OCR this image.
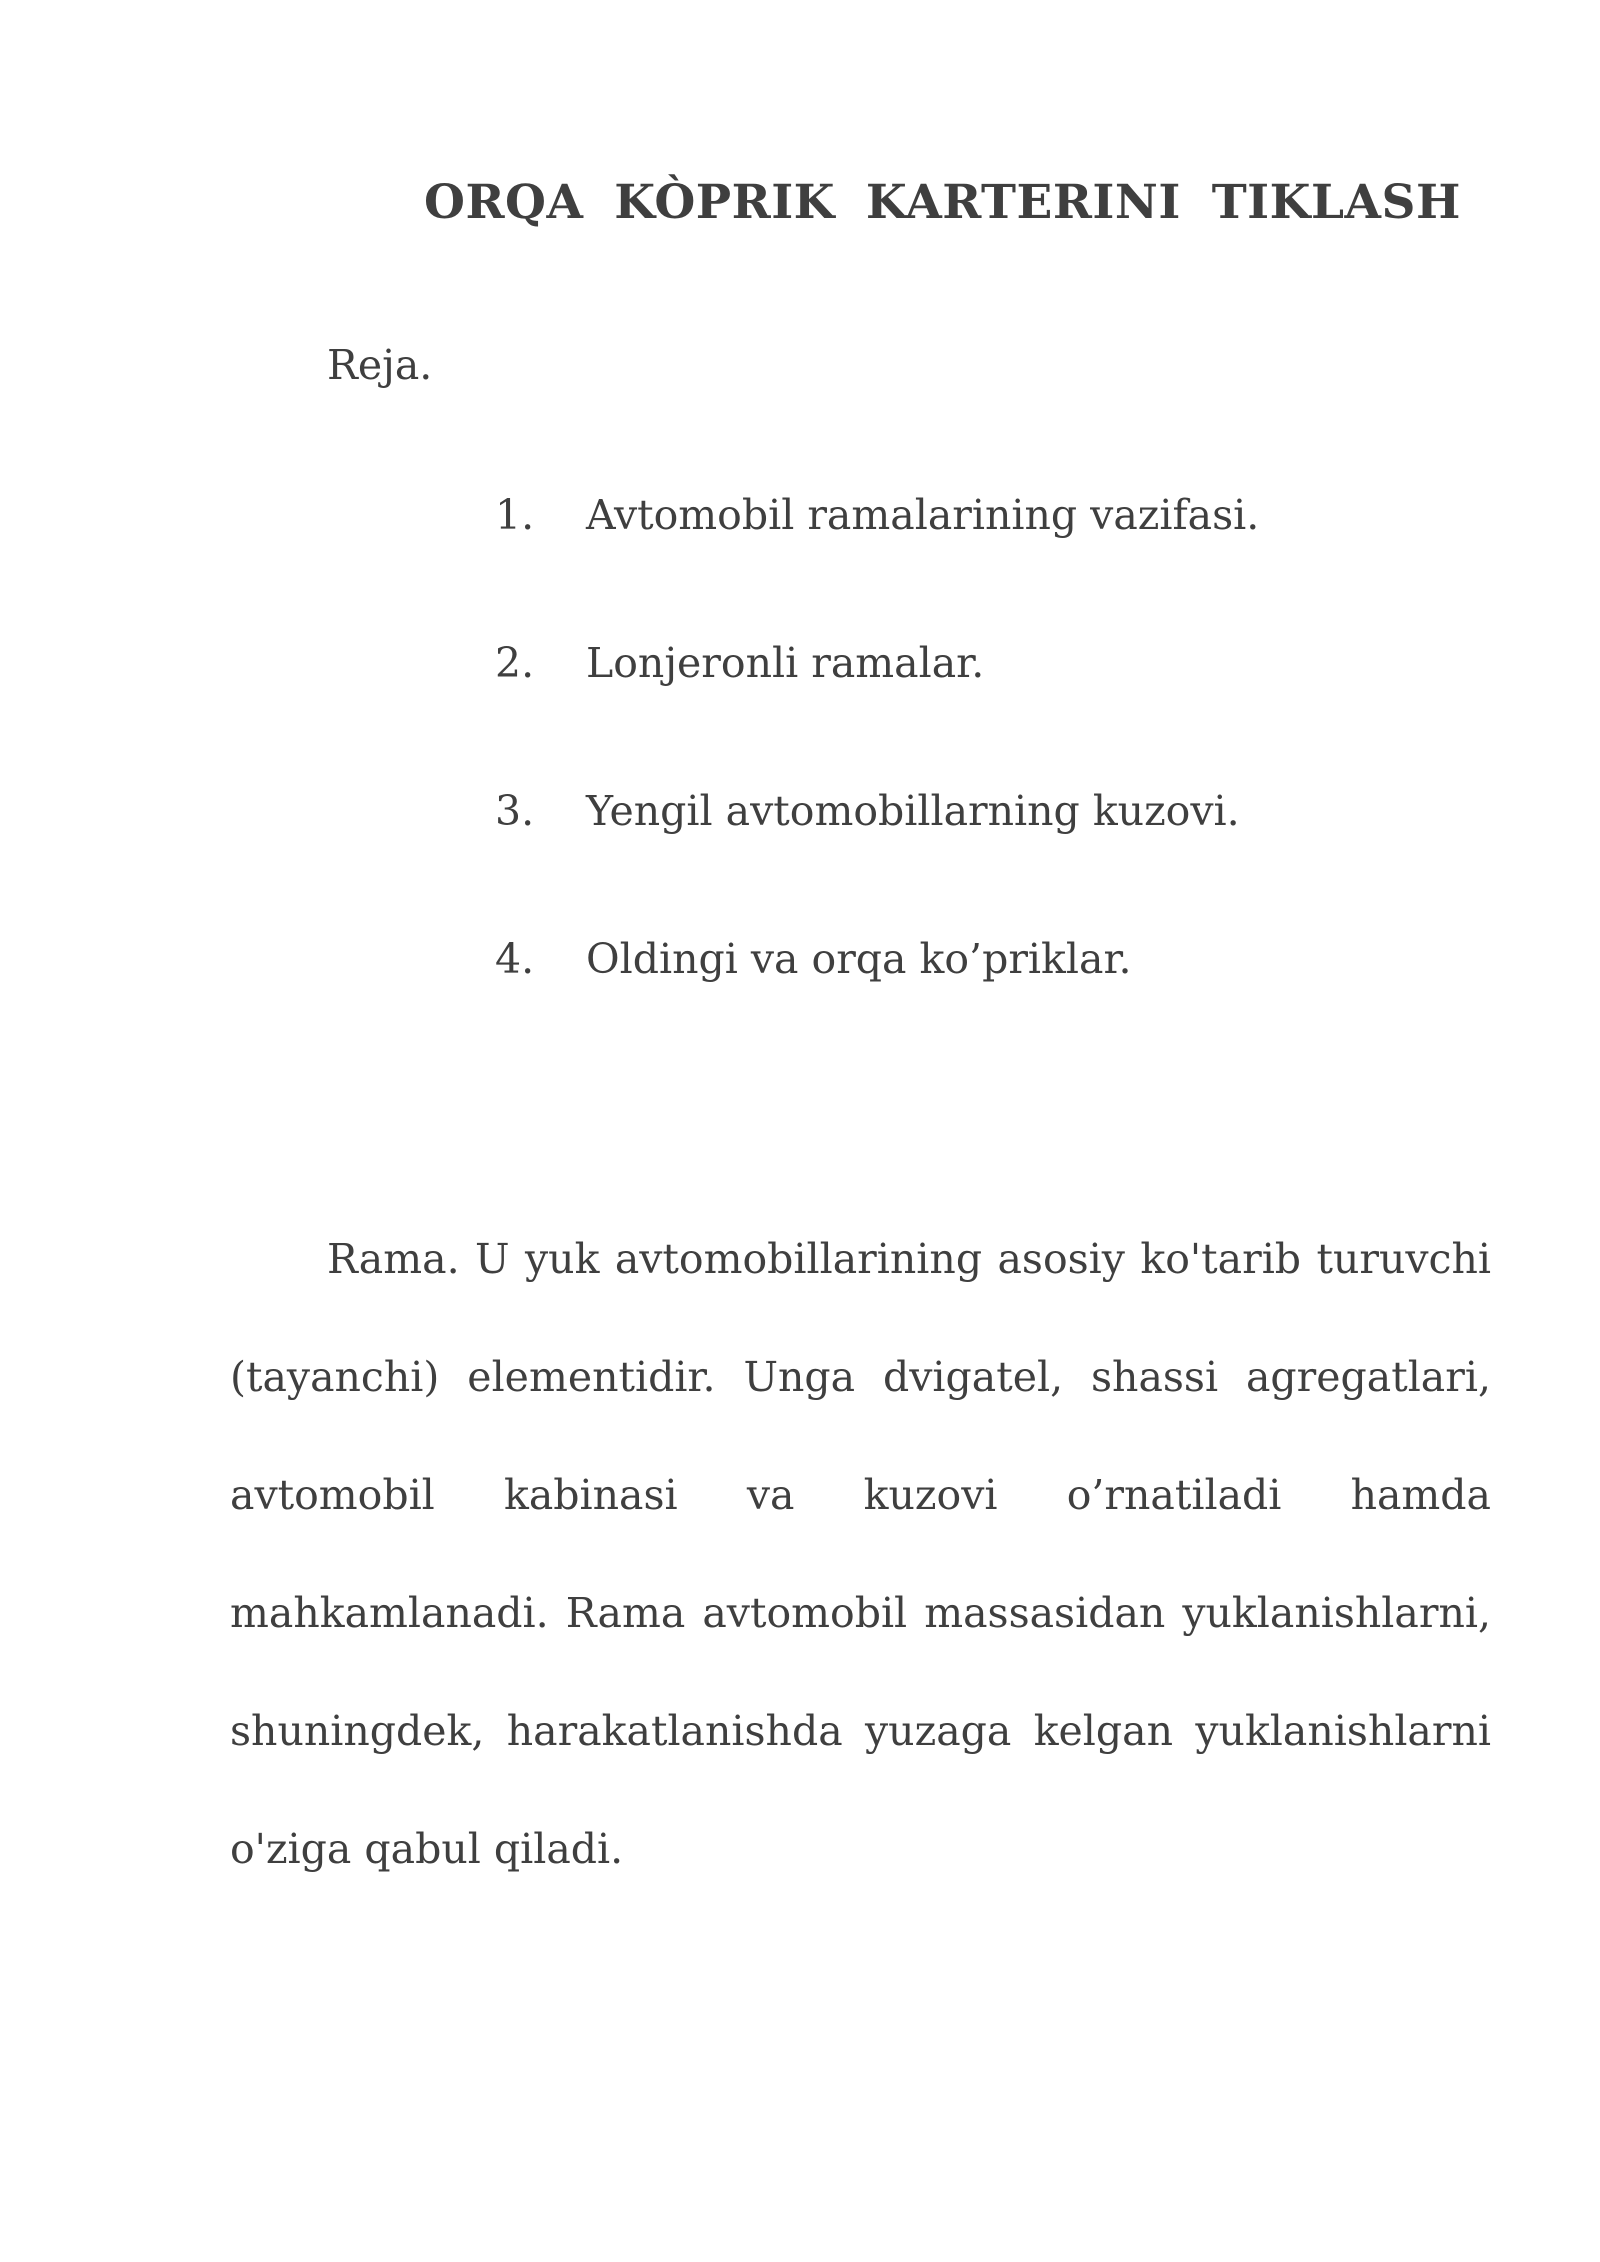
ORQA KÒPRIK KARTERINI TIKLASH

Reja.

1. Avtomobil ramalarining vazifasi.
2. Lonjeronli ramalar.
3. Yengil avtomobillarning kuzovi.
4. Oldingi va orqa ko’priklar.

Rama. U yuk avtomobillarining asosiy ko'tarib turuvchi (tayanchi) elementidir. Unga dvigatel, shassi agregatlari, avtomobil kabinasi va kuzovi o’rnatiladi hamda mahkamlanadi. Rama avtomobil massasidan yuklanishlarni, shuningdek, harakatlanishda yuzaga kelgan yuklanishlarni o'ziga qabul qiladi.
